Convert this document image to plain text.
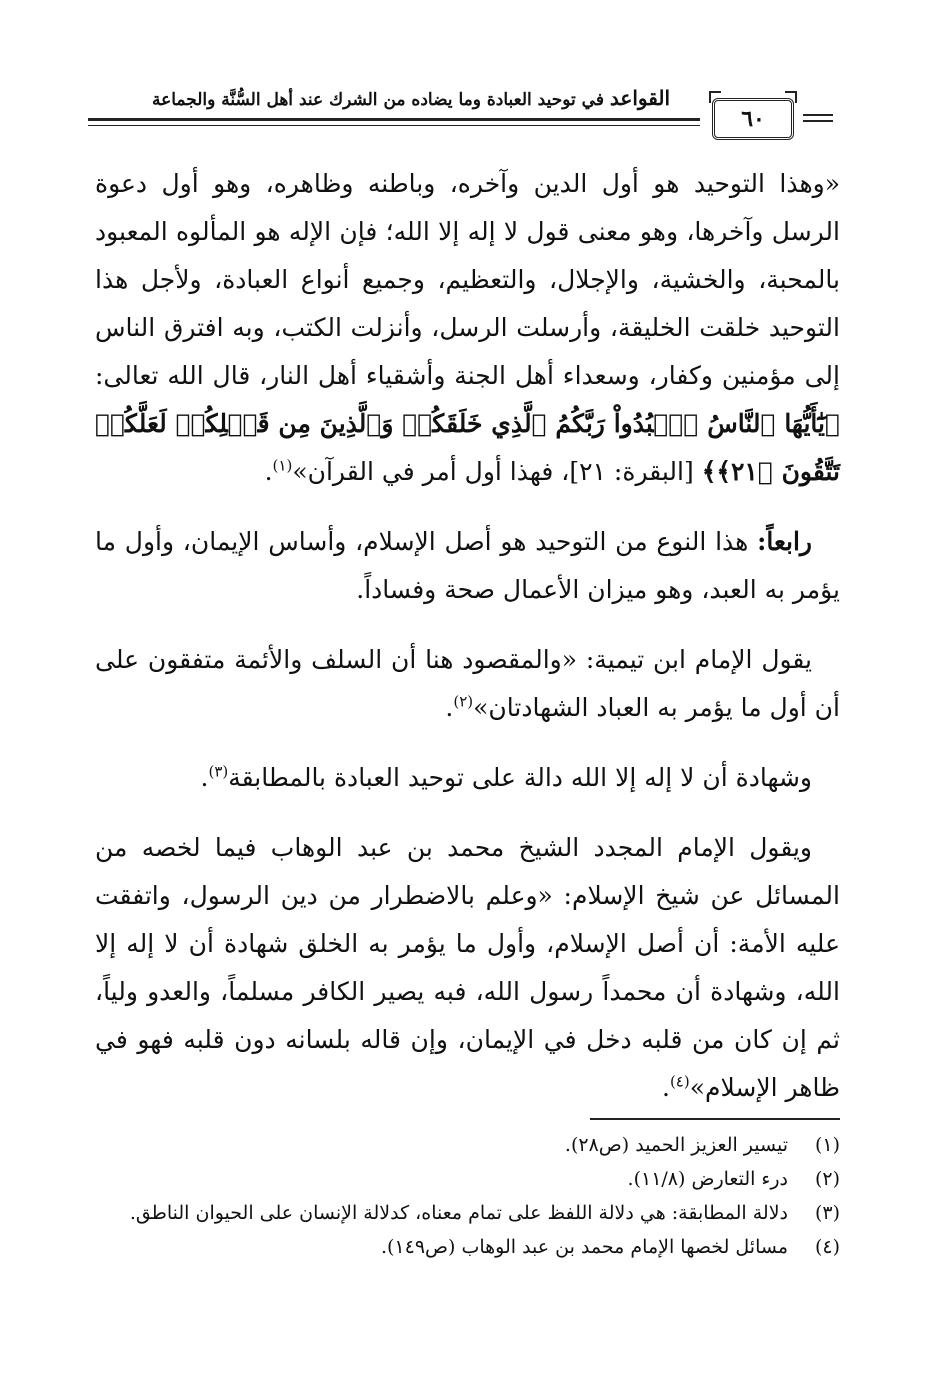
٦٠
القواعد في توحيد العبادة وما يضاده من الشرك عند أهل السُّنَّة والجماعة

«وهذا التوحيد هو أول الدين وآخره، وباطنه وظاهره، وهو أول دعوة الرسل وآخرها، وهو معنى قول لا إله إلا الله؛ فإن الإله هو المألوه المعبود بالمحبة، والخشية، والإجلال، والتعظيم، وجميع أنواع العبادة، ولأجل هذا التوحيد خلقت الخليقة، وأرسلت الرسل، وأنزلت الكتب، وبه افترق الناس إلى مؤمنين وكفار، وسعداء أهل الجنة وأشقياء أهل النار، قال الله تعالى: ﴿يَٰٓأَيُّهَا ٱلنَّاسُ ٱعۡبُدُواْ رَبَّكُمُ ٱلَّذِي خَلَقَكُمۡ وَٱلَّذِينَ مِن قَبۡلِكُمۡ لَعَلَّكُمۡ تَتَّقُونَ ﴿٢١﴾﴾ [البقرة: ٢١]، فهذا أول أمر في القرآن»$^{(١)}$.

رابعاً: هذا النوع من التوحيد هو أصل الإسلام، وأساس الإيمان، وأول ما يؤمر به العبد، وهو ميزان الأعمال صحة وفساداً.

يقول الإمام ابن تيمية: «والمقصود هنا أن السلف والأئمة متفقون على أن أول ما يؤمر به العباد الشهادتان»$^{(٢)}$.

وشهادة أن لا إله إلا الله دالة على توحيد العبادة بالمطابقة$^{(٣)}$.

ويقول الإمام المجدد الشيخ محمد بن عبد الوهاب فيما لخصه من المسائل عن شيخ الإسلام: «وعلم بالاضطرار من دين الرسول، واتفقت عليه الأمة: أن أصل الإسلام، وأول ما يؤمر به الخلق شهادة أن لا إله إلا الله، وشهادة أن محمداً رسول الله، فبه يصير الكافر مسلماً، والعدو ولياً، ثم إن كان من قلبه دخل في الإيمان، وإن قاله بلسانه دون قلبه فهو في ظاهر الإسلام»$^{(٤)}$.

(١)
تيسير العزيز الحميد (ص٢٨).
(٢)
درء التعارض (١١/٨).
(٣)
دلالة المطابقة: هي دلالة اللفظ على تمام معناه، كدلالة الإنسان على الحيوان الناطق.
(٤)
مسائل لخصها الإمام محمد بن عبد الوهاب (ص١٤٩).
